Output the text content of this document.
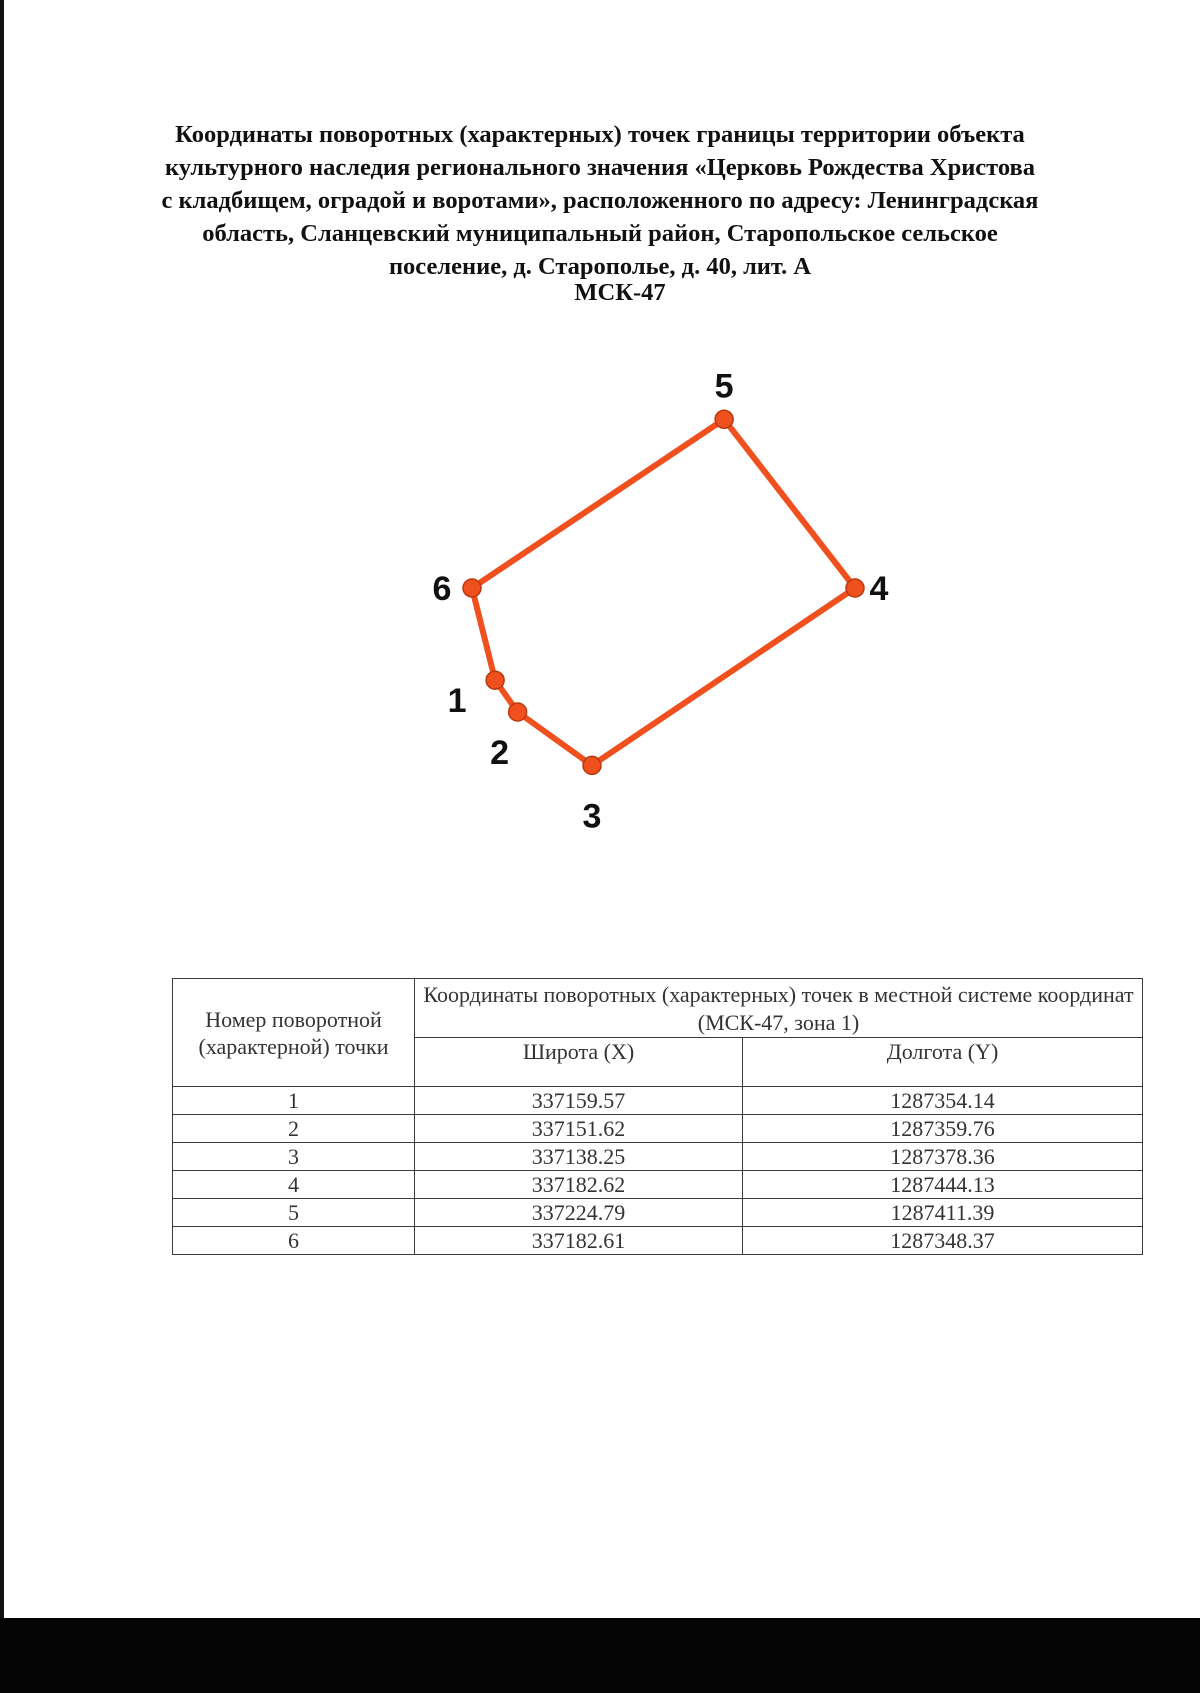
Координаты поворотных (характерных) точек границы территории объекта
культурного наследия регионального значения «Церковь Рождества Христова
с кладбищем, оградой и воротами», расположенного по адресу: Ленинградская
область, Сланцевский муниципальный район, Старопольское сельское
поселение, д. Старополье, д. 40, лит. А
МСК-47
1
2
3
4
5
6
Номер поворотной (характерной) точки	Координаты поворотных (характерных) точек в местной системе координат (МСК-47, зона 1)	
	Широта (X)	Долгота (Y)
1	337159.57	1287354.14
2	337151.62	1287359.76
3	337138.25	1287378.36
4	337182.62	1287444.13
5	337224.79	1287411.39
6	337182.61	1287348.37
